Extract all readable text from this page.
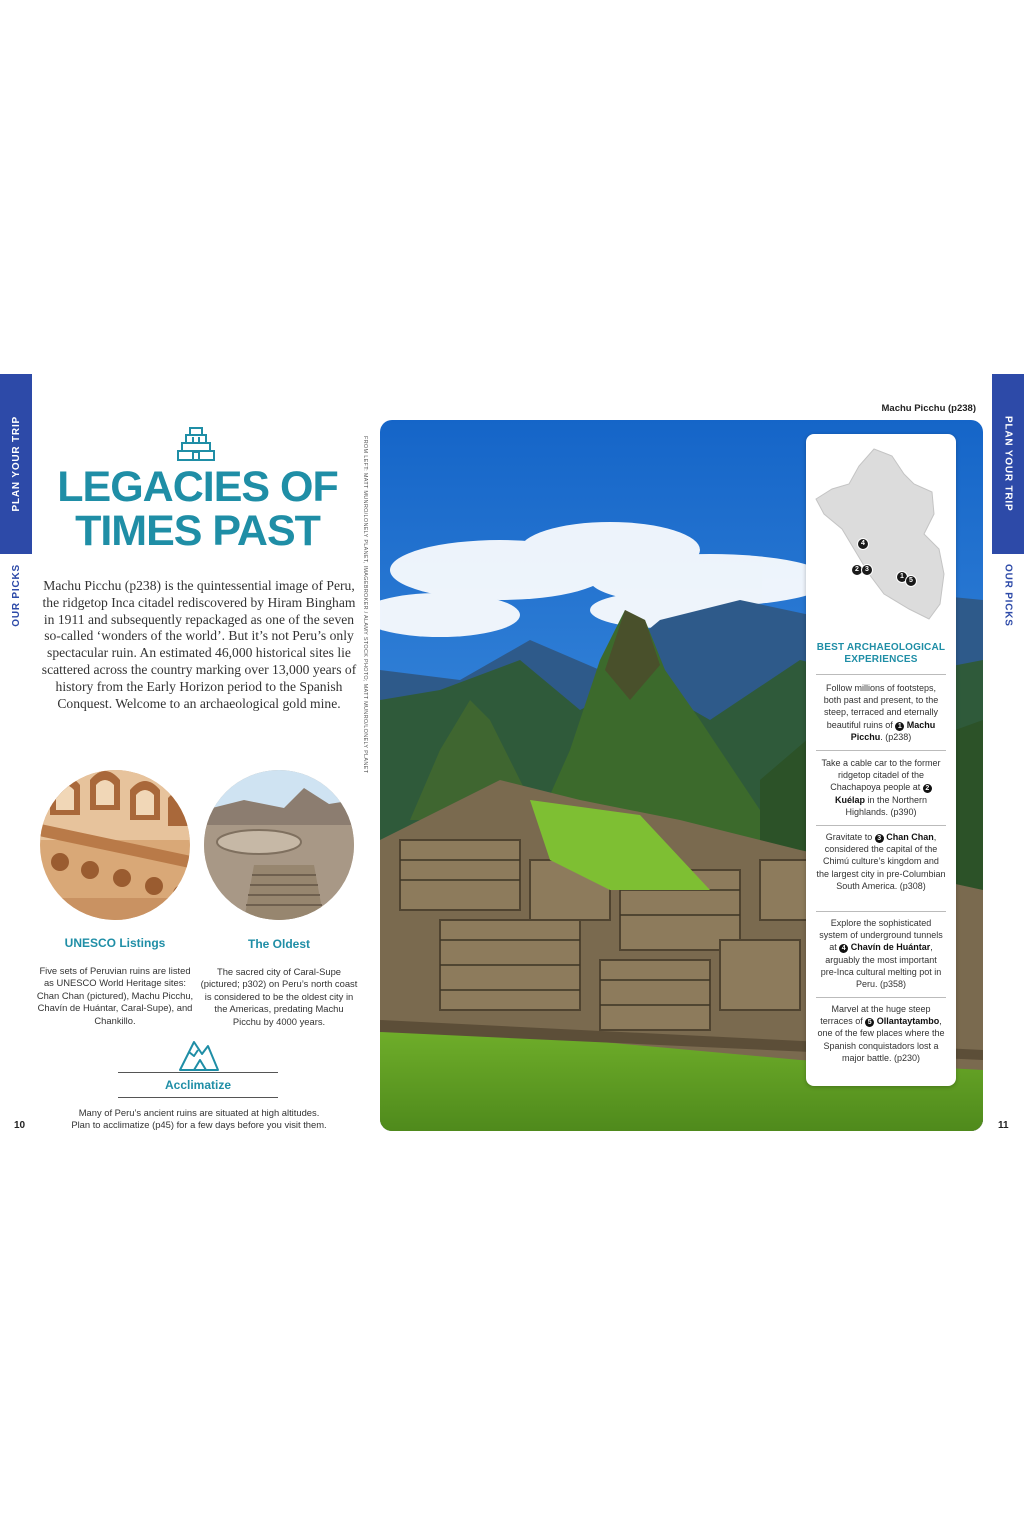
PLAN YOUR TRIP
OUR PICKS
PLAN YOUR TRIP
OUR PICKS
LEGACIES OF
TIMES PAST
Machu Picchu (p238) is the quintessential image of Peru, the ridgetop Inca citadel rediscovered by Hiram Bingham in 1911 and subsequently repackaged as one of the seven so-called ‘wonders of the world’. But it’s not Peru’s only spectacular ruin. An estimated 46,000 historical sites lie scattered across the country marking over 13,000 years of history from the Early Horizon period to the Spanish Conquest. Welcome to an archaeological gold mine.
UNESCO Listings
Five sets of Peruvian ruins are listed as UNESCO World Heritage sites: Chan Chan (pictured), Machu Picchu, Chavín de Huántar, Caral-Supe), and Chankillo.
The Oldest
The sacred city of Caral-Supe (pictured; p302) on Peru’s north coast is considered to be the oldest city in the Americas, predating Machu Picchu by 4000 years.
Acclimatize
Many of Peru’s ancient ruins are situated at high altitudes.
Plan to acclimatize (p45) for a few days before you visit them.
10
FROM LEFT: MATT MUNRO/LONELY PLANET, IMAGEBROKER / ALAMY STOCK PHOTO; MATT MUNRO/LONELY PLANET
Machu Picchu (p238)
4
2 3
1
5
BEST ARCHAEOLOGICAL
EXPERIENCES
Follow millions of footsteps, both past and present, to the steep, terraced and eternally beautiful ruins of 1 Machu Picchu. (p238)
Take a cable car to the former ridgetop citadel of the Chachapoya people at 2 Kuélap in the Northern Highlands. (p390)
Gravitate to 3 Chan Chan, considered the capital of the Chimú culture’s kingdom and the largest city in pre-Columbian South America. (p308)
Explore the sophisticated system of underground tunnels at 4 Chavín de Huántar, arguably the most important pre-Inca cultural melting pot in Peru. (p358)
Marvel at the huge steep terraces of 5 Ollantaytambo, one of the few places where the Spanish conquistadors lost a major battle. (p230)
11
